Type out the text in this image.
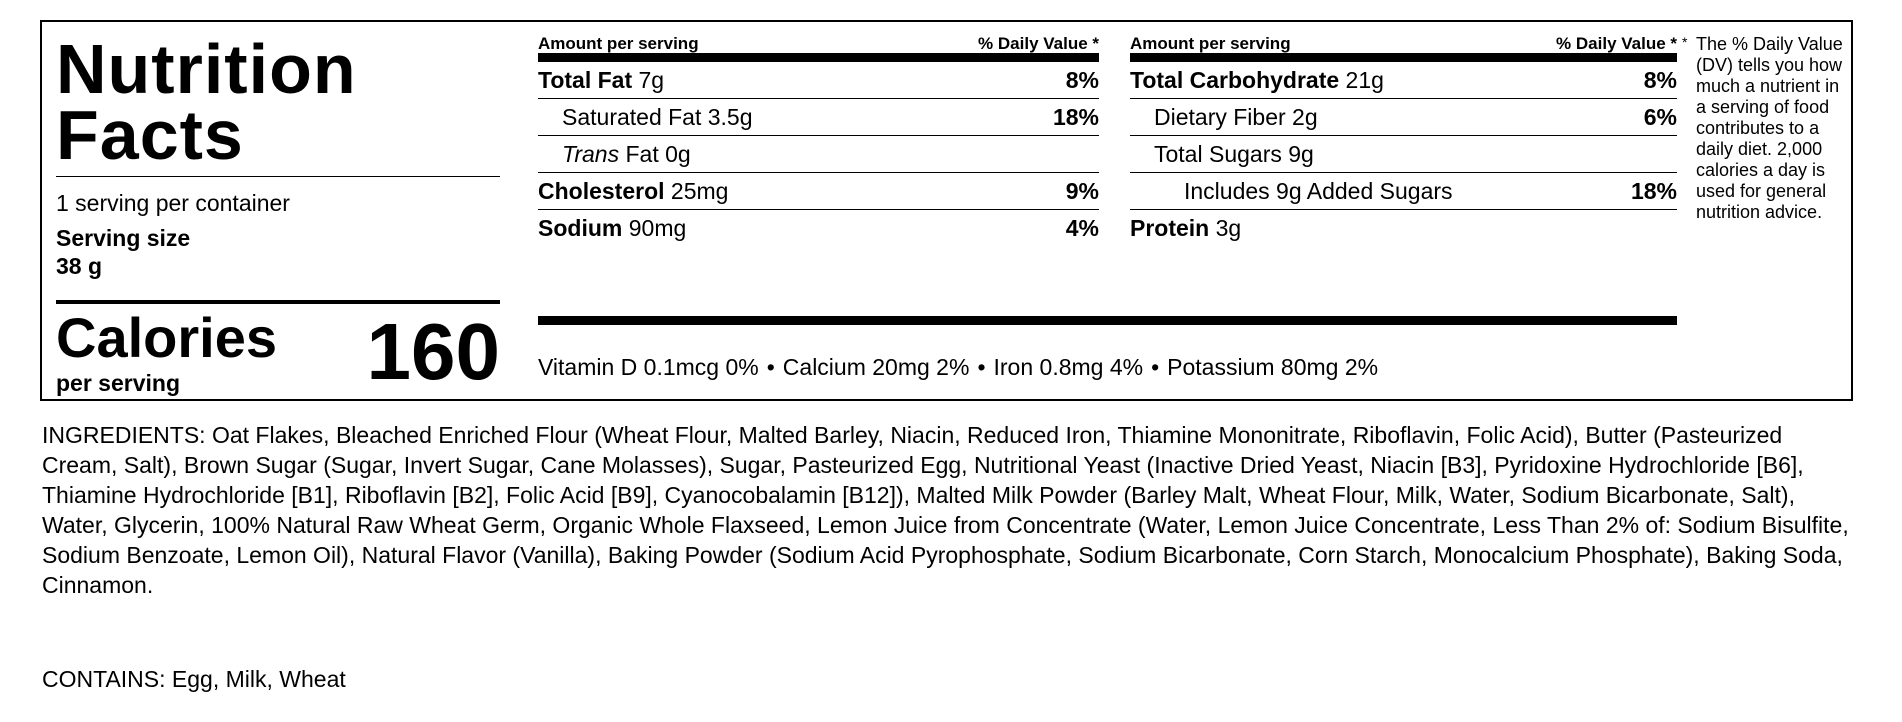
Nutrition Facts
1 serving per container
Serving size
38 g
Calories
per serving 160
Amount per serving	% Daily Value *
Total Fat 7g	8%
Saturated Fat 3.5g	18%
Trans Fat 0g
Cholesterol 25mg	9%
Sodium 90mg	4%
Amount per serving	% Daily Value *
Total Carbohydrate 21g	8%
Dietary Fiber 2g	6%
Total Sugars 9g
Includes 9g Added Sugars	18%
Protein 3g
Vitamin D 0.1mcg 0% • Calcium 20mg 2% • Iron 0.8mg 4% • Potassium 80mg 2%
* The % Daily Value (DV) tells you how much a nutrient in a serving of food contributes to a daily diet. 2,000 calories a day is used for general nutrition advice.
INGREDIENTS: Oat Flakes, Bleached Enriched Flour (Wheat Flour, Malted Barley, Niacin, Reduced Iron, Thiamine Mononitrate, Riboflavin, Folic Acid), Butter (Pasteurized Cream, Salt), Brown Sugar (Sugar, Invert Sugar, Cane Molasses), Sugar, Pasteurized Egg, Nutritional Yeast (Inactive Dried Yeast, Niacin [B3], Pyridoxine Hydrochloride [B6], Thiamine Hydrochloride [B1], Riboflavin [B2], Folic Acid [B9], Cyanocobalamin [B12]), Malted Milk Powder (Barley Malt, Wheat Flour, Milk, Water, Sodium Bicarbonate, Salt), Water, Glycerin, 100% Natural Raw Wheat Germ, Organic Whole Flaxseed, Lemon Juice from Concentrate (Water, Lemon Juice Concentrate, Less Than 2% of: Sodium Bisulfite, Sodium Benzoate, Lemon Oil), Natural Flavor (Vanilla), Baking Powder (Sodium Acid Pyrophosphate, Sodium Bicarbonate, Corn Starch, Monocalcium Phosphate), Baking Soda, Cinnamon.
CONTAINS: Egg, Milk, Wheat
